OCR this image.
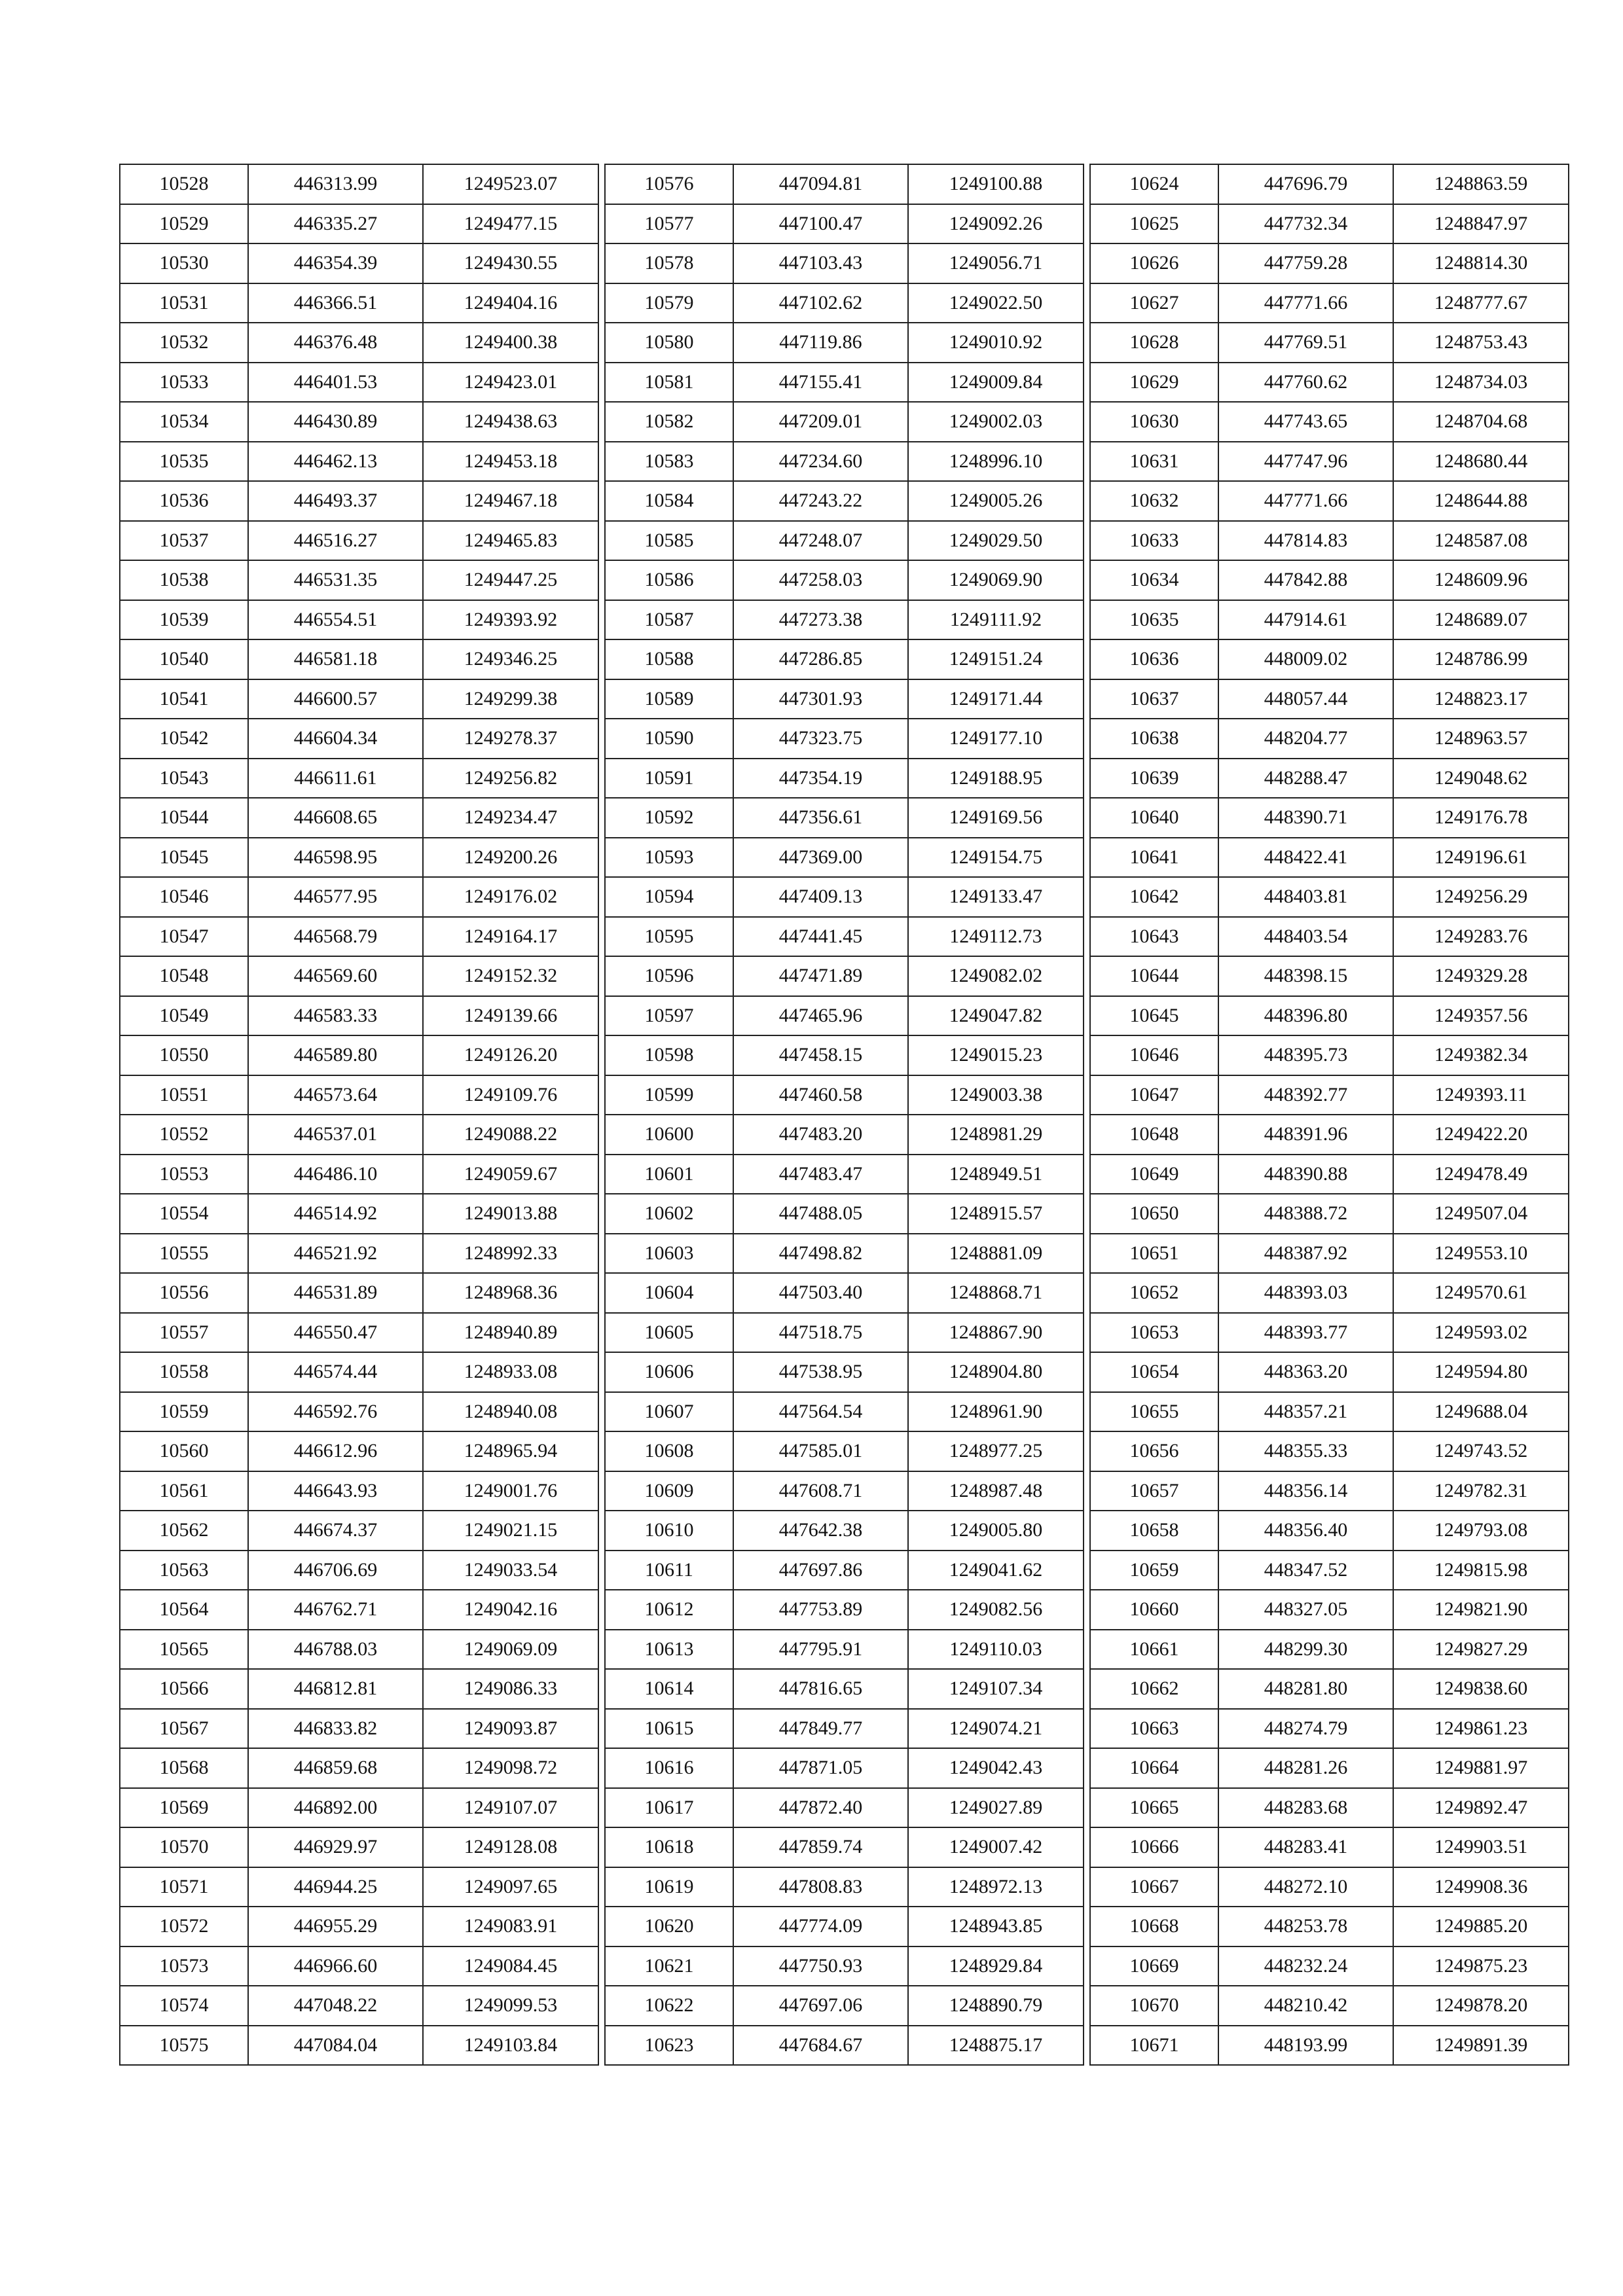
10528	446313.99	1249523.07
10529	446335.27	1249477.15
10530	446354.39	1249430.55
10531	446366.51	1249404.16
10532	446376.48	1249400.38
10533	446401.53	1249423.01
10534	446430.89	1249438.63
10535	446462.13	1249453.18
10536	446493.37	1249467.18
10537	446516.27	1249465.83
10538	446531.35	1249447.25
10539	446554.51	1249393.92
10540	446581.18	1249346.25
10541	446600.57	1249299.38
10542	446604.34	1249278.37
10543	446611.61	1249256.82
10544	446608.65	1249234.47
10545	446598.95	1249200.26
10546	446577.95	1249176.02
10547	446568.79	1249164.17
10548	446569.60	1249152.32
10549	446583.33	1249139.66
10550	446589.80	1249126.20
10551	446573.64	1249109.76
10552	446537.01	1249088.22
10553	446486.10	1249059.67
10554	446514.92	1249013.88
10555	446521.92	1248992.33
10556	446531.89	1248968.36
10557	446550.47	1248940.89
10558	446574.44	1248933.08
10559	446592.76	1248940.08
10560	446612.96	1248965.94
10561	446643.93	1249001.76
10562	446674.37	1249021.15
10563	446706.69	1249033.54
10564	446762.71	1249042.16
10565	446788.03	1249069.09
10566	446812.81	1249086.33
10567	446833.82	1249093.87
10568	446859.68	1249098.72
10569	446892.00	1249107.07
10570	446929.97	1249128.08
10571	446944.25	1249097.65
10572	446955.29	1249083.91
10573	446966.60	1249084.45
10574	447048.22	1249099.53
10575	447084.04	1249103.84
10576	447094.81	1249100.88
10577	447100.47	1249092.26
10578	447103.43	1249056.71
10579	447102.62	1249022.50
10580	447119.86	1249010.92
10581	447155.41	1249009.84
10582	447209.01	1249002.03
10583	447234.60	1248996.10
10584	447243.22	1249005.26
10585	447248.07	1249029.50
10586	447258.03	1249069.90
10587	447273.38	1249111.92
10588	447286.85	1249151.24
10589	447301.93	1249171.44
10590	447323.75	1249177.10
10591	447354.19	1249188.95
10592	447356.61	1249169.56
10593	447369.00	1249154.75
10594	447409.13	1249133.47
10595	447441.45	1249112.73
10596	447471.89	1249082.02
10597	447465.96	1249047.82
10598	447458.15	1249015.23
10599	447460.58	1249003.38
10600	447483.20	1248981.29
10601	447483.47	1248949.51
10602	447488.05	1248915.57
10603	447498.82	1248881.09
10604	447503.40	1248868.71
10605	447518.75	1248867.90
10606	447538.95	1248904.80
10607	447564.54	1248961.90
10608	447585.01	1248977.25
10609	447608.71	1248987.48
10610	447642.38	1249005.80
10611	447697.86	1249041.62
10612	447753.89	1249082.56
10613	447795.91	1249110.03
10614	447816.65	1249107.34
10615	447849.77	1249074.21
10616	447871.05	1249042.43
10617	447872.40	1249027.89
10618	447859.74	1249007.42
10619	447808.83	1248972.13
10620	447774.09	1248943.85
10621	447750.93	1248929.84
10622	447697.06	1248890.79
10623	447684.67	1248875.17
10624	447696.79	1248863.59
10625	447732.34	1248847.97
10626	447759.28	1248814.30
10627	447771.66	1248777.67
10628	447769.51	1248753.43
10629	447760.62	1248734.03
10630	447743.65	1248704.68
10631	447747.96	1248680.44
10632	447771.66	1248644.88
10633	447814.83	1248587.08
10634	447842.88	1248609.96
10635	447914.61	1248689.07
10636	448009.02	1248786.99
10637	448057.44	1248823.17
10638	448204.77	1248963.57
10639	448288.47	1249048.62
10640	448390.71	1249176.78
10641	448422.41	1249196.61
10642	448403.81	1249256.29
10643	448403.54	1249283.76
10644	448398.15	1249329.28
10645	448396.80	1249357.56
10646	448395.73	1249382.34
10647	448392.77	1249393.11
10648	448391.96	1249422.20
10649	448390.88	1249478.49
10650	448388.72	1249507.04
10651	448387.92	1249553.10
10652	448393.03	1249570.61
10653	448393.77	1249593.02
10654	448363.20	1249594.80
10655	448357.21	1249688.04
10656	448355.33	1249743.52
10657	448356.14	1249782.31
10658	448356.40	1249793.08
10659	448347.52	1249815.98
10660	448327.05	1249821.90
10661	448299.30	1249827.29
10662	448281.80	1249838.60
10663	448274.79	1249861.23
10664	448281.26	1249881.97
10665	448283.68	1249892.47
10666	448283.41	1249903.51
10667	448272.10	1249908.36
10668	448253.78	1249885.20
10669	448232.24	1249875.23
10670	448210.42	1249878.20
10671	448193.99	1249891.39
